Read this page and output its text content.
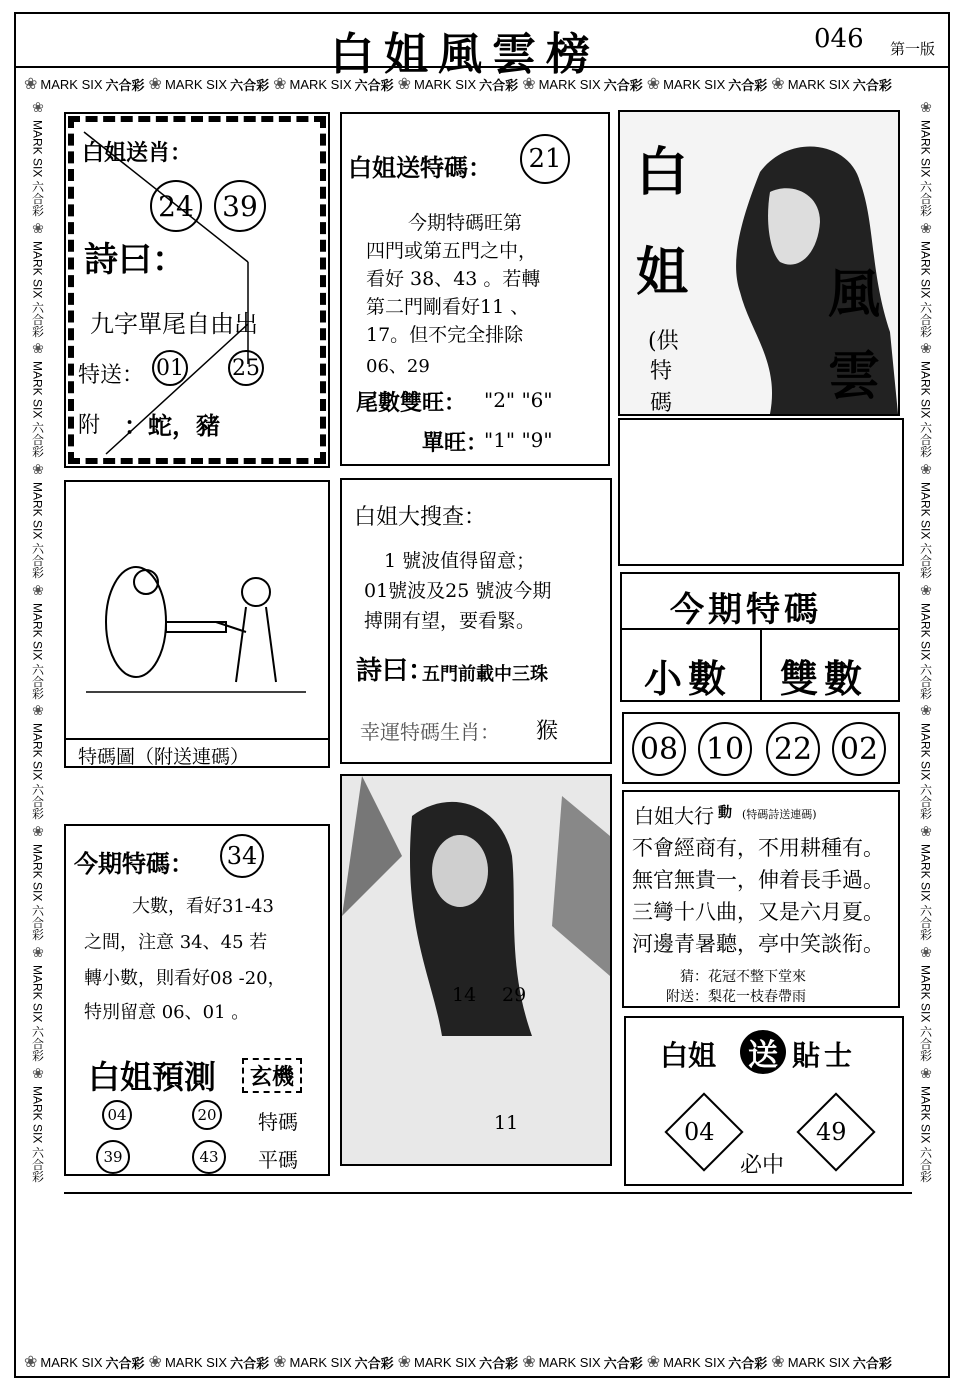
白姐風雲榜	046 第一版
❀ MARK SIX 六合彩 ❀ MARK SIX 六合彩 ❀ MARK SIX 六合彩 ❀ MARK SIX 六合彩 ❀ MARK SIX 六合彩 ❀ MARK SIX 六合彩 ❀ MARK SIX 六合彩
❀ MARK SIX 六合彩 ❀ MARK SIX 六合彩 ❀ MARK SIX 六合彩 ❀ MARK SIX 六合彩 ❀ MARK SIX 六合彩 ❀ MARK SIX 六合彩 ❀ MARK SIX 六合彩
❀
MARK SIX 六合彩
❀
MARK SIX 六合彩
❀
MARK SIX 六合彩
❀
MARK SIX 六合彩
❀
MARK SIX 六合彩
❀
MARK SIX 六合彩
❀
MARK SIX 六合彩
❀
MARK SIX 六合彩
❀
MARK SIX 六合彩
❀
MARK SIX 六合彩
❀
MARK SIX 六合彩
❀
MARK SIX 六合彩
❀
MARK SIX 六合彩
❀
MARK SIX 六合彩
❀
MARK SIX 六合彩
❀
MARK SIX 六合彩
❀
MARK SIX 六合彩
❀
MARK SIX 六合彩
白姐送肖：
24 39
詩曰：
九字單尾自由出
特送： 01 25
附 ：蛇，豬
白姐送特碼：	21
今期特碼旺第
四門或第五門之中，
看好 38、43 。若轉
第二門剛看好11 、
17。但不完全排除
06、29
尾數雙旺： "2" "6"
單旺：
"1" "9"
白
姐	風
雲
(供
特
碼
特碼圖（附送連碼）
白姐大搜查：
1 號波值得留意；
01號波及25 號波今期
搏開有望，要看緊。
詩曰：
五門前載中三珠
幸運特碼生肖： 猴
今期特碼
小數 雙數
08 10 22 02
今期特碼： 34
大數，看好31-43
之間，注意 34、45 若
轉小數，則看好08 -20，
特別留意 06、01 。
白姐預測	玄機
04	20 特碼
39	43	平碼
14 29
11
白姐大行 動 (特碼詩送連碼)
不會經商有，不用耕種有。
無官無貴一，伸着長手過。
三彎十八曲，又是六月夏。
河邊青暑聽，亭中笑談衔。
猜： 花冠不整下堂來
附送： 梨花一枝春帶雨
白姐 送 貼士
04	49
必中
